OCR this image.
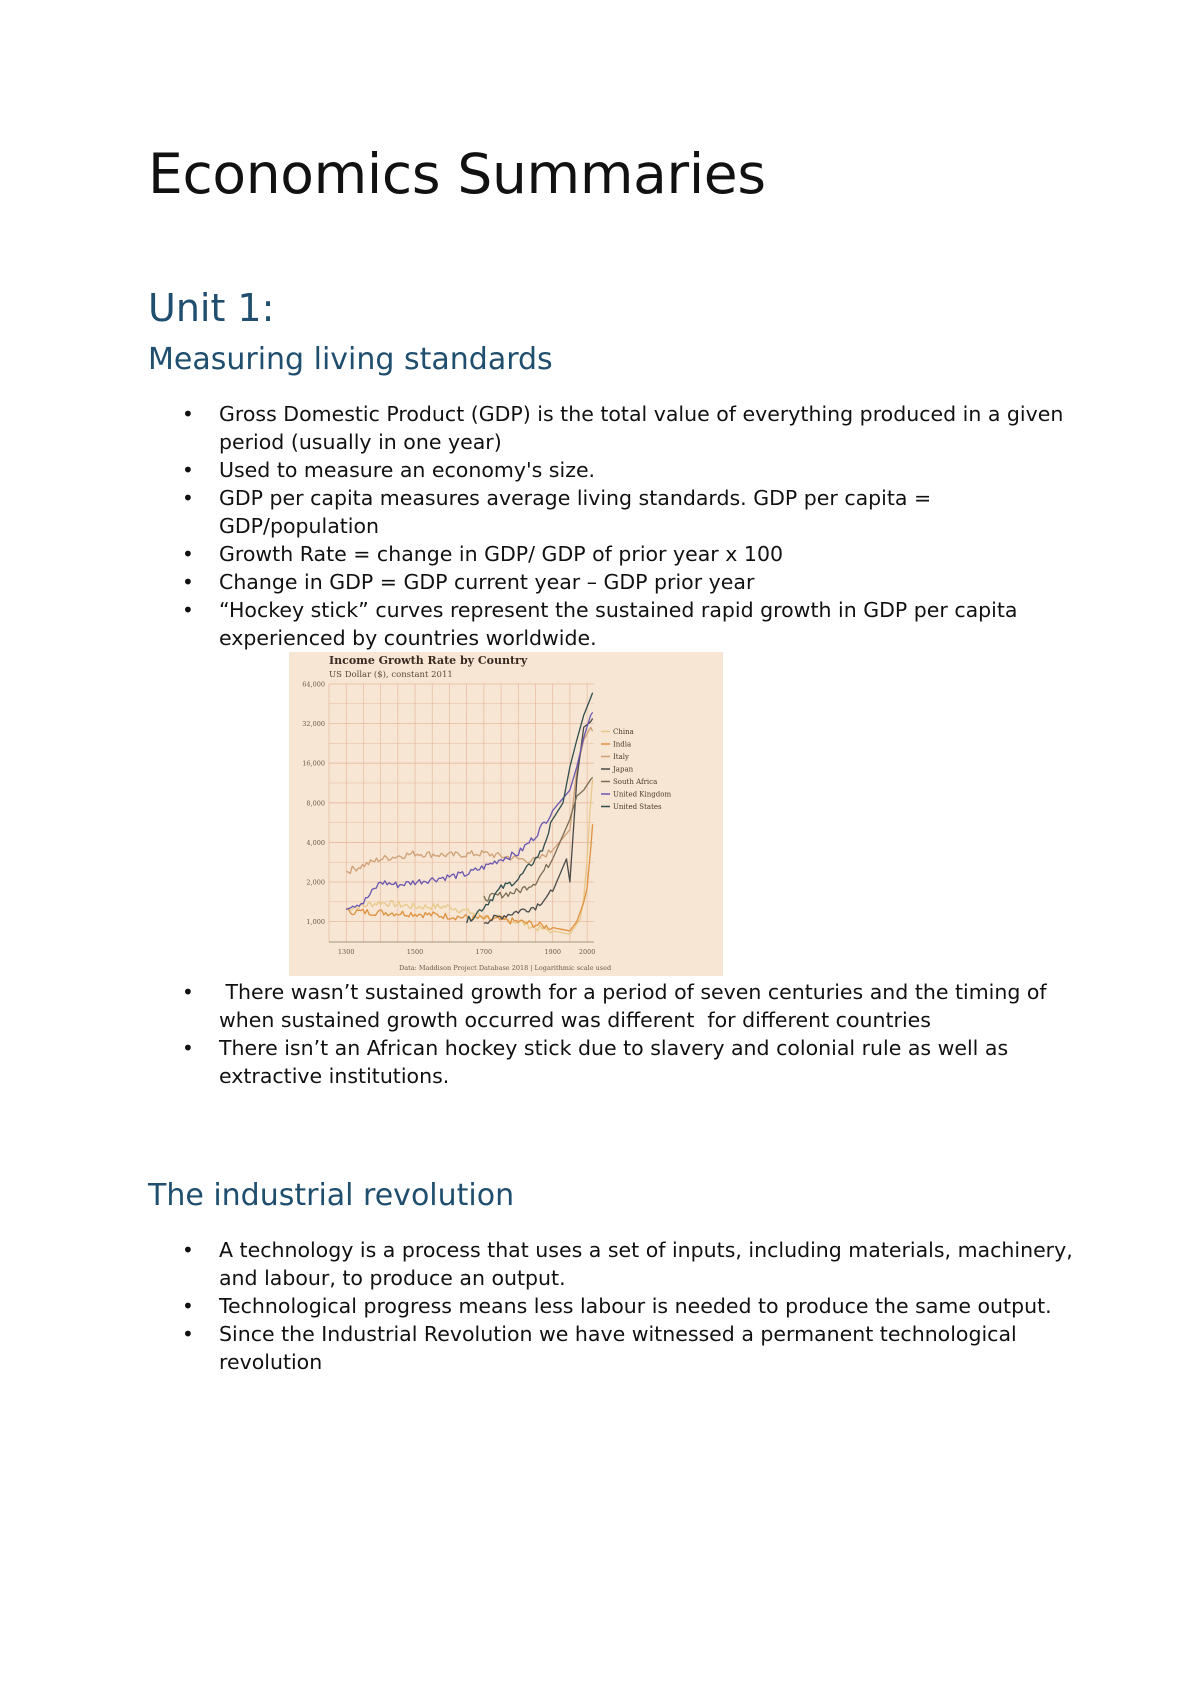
Economics Summaries
Unit 1:
Measuring living standards
• Gross Domestic Product (GDP) is the total value of everything produced in a given period (usually in one year)
• Used to measure an economy's size.
• GDP per capita measures average living standards. GDP per capita = GDP/population
• Growth Rate = change in GDP/ GDP of prior year x 100
• Change in GDP = GDP current year – GDP prior year
• “Hockey stick” curves represent the sustained rapid growth in GDP per capita experienced by countries worldwide.
Income Growth Rate by Country
US Dollar ($), constant 2011
1,000
2,000
4,000
8,000
16,000
32,000
64,000
1300	1500	1700	1900	2000
China
India
Italy
Japan
South Africa
United Kingdom
United States
Data: Maddison Project Database 2018 | Logarithmic scale used
•  There wasn’t sustained growth for a period of seven centuries and the timing of when sustained growth occurred was different  for different countries
• There isn’t an African hockey stick due to slavery and colonial rule as well as extractive institutions.
The industrial revolution
• A technology is a process that uses a set of inputs, including materials, machinery, and labour, to produce an output.
• Technological progress means less labour is needed to produce the same output.
• Since the Industrial Revolution we have witnessed a permanent technological revolution
